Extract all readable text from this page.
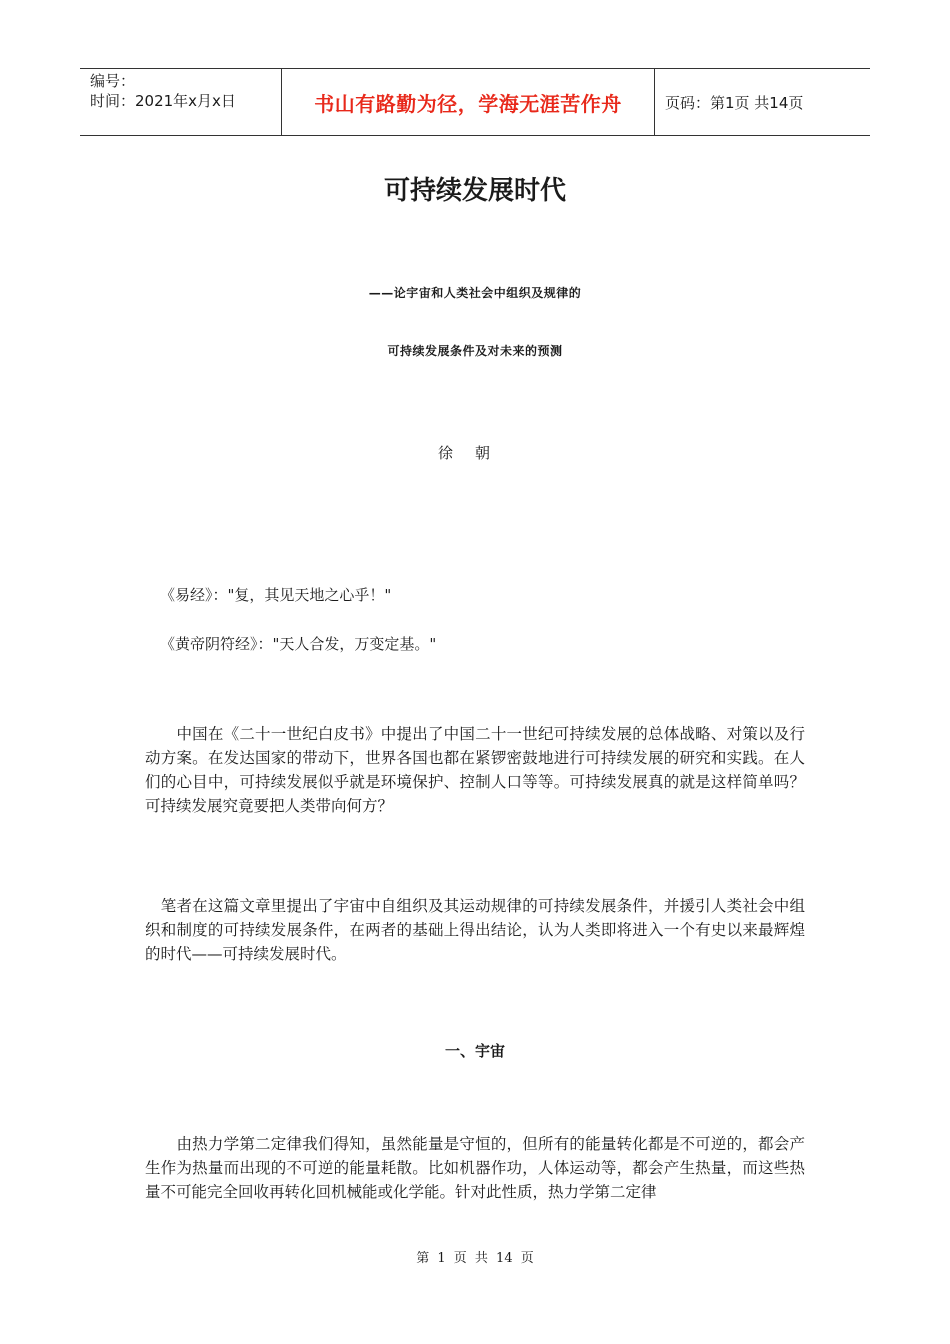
编号：
时间：2021年x月x日	书山有路勤为径，学海无涯苦作舟	页码：第1页 共14页
可持续发展时代
——论宇宙和人类社会中组织及规律的
可持续发展条件及对未来的预测
徐朝
《易经》："复，其见天地之心乎！"
《黄帝阴符经》："天人合发，万变定基。"

　　中国在《二十一世纪白皮书》中提出了中国二十一世纪可持续发展的总体战略、对策以及行动方案。在发达国家的带动下，世界各国也都在紧锣密鼓地进行可持续发展的研究和实践。在人们的心目中，可持续发展似乎就是环境保护、控制人口等等。可持续发展真的就是这样简单吗？可持续发展究竟要把人类带向何方？

　笔者在这篇文章里提出了宇宙中自组织及其运动规律的可持续发展条件，并援引人类社会中组织和制度的可持续发展条件，在两者的基础上得出结论，认为人类即将进入一个有史以来最辉煌的时代——可持续发展时代。

一、宇宙

　　由热力学第二定律我们得知，虽然能量是守恒的，但所有的能量转化都是不可逆的，都会产生作为热量而出现的不可逆的能量耗散。比如机器作功，人体运动等，都会产生热量，而这些热量不可能完全回收再转化回机械能或化学能。针对此性质，热力学第二定律

第 1 页 共 14 页
